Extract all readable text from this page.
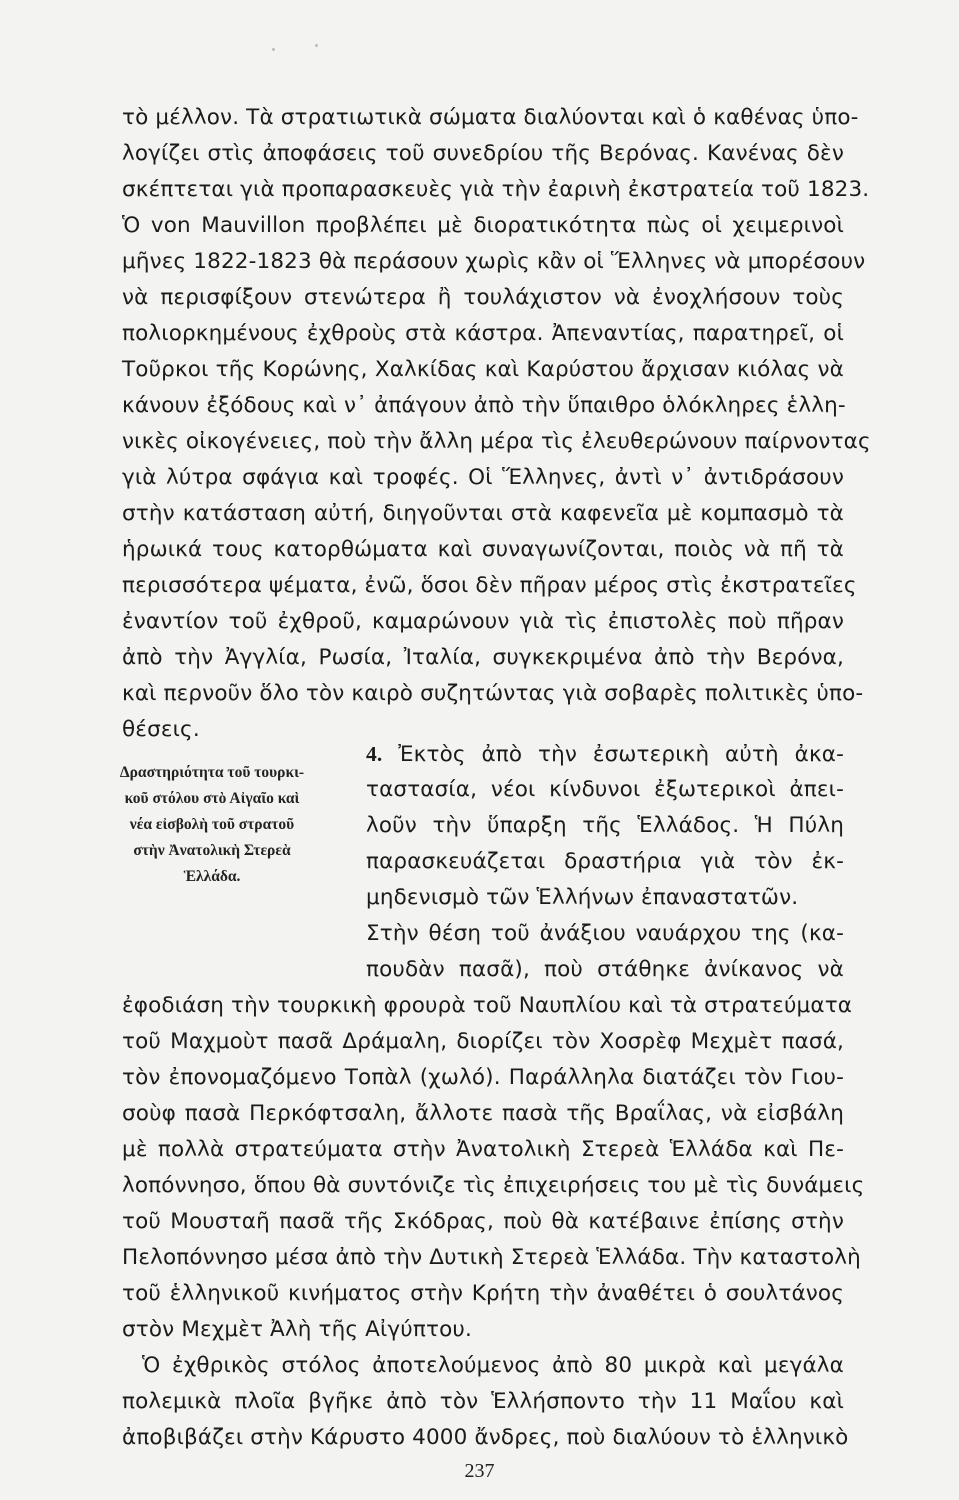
τὸ μέλλον. Τὰ στρατιωτικὰ σώματα διαλύονται καὶ ὁ καθένας ὑπο-
λογίζει στὶς ἀποφάσεις τοῦ συνεδρίου τῆς Βερόνας. Κανένας δὲν
σκέπτεται γιὰ προπαρασκευὲς γιὰ τὴν ἐαρινὴ ἐκστρατεία τοῦ 1823.
Ὁ von Mauvillon προβλέπει μὲ διορατικότητα πὼς οἱ χειμερινοὶ
μῆνες 1822-1823 θὰ περάσουν χωρὶς κἂν οἱ Ἕλληνες νὰ μπορέσουν
νὰ περισφίξουν στενώτερα ἢ τουλάχιστον νὰ ἐνοχλήσουν τοὺς
πολιορκημένους ἐχθροὺς στὰ κάστρα. Ἀπεναντίας, παρατηρεῖ, οἱ
Τοῦρκοι τῆς Κορώνης, Χαλκίδας καὶ Καρύστου ἄρχισαν κιόλας νὰ
κάνουν ἐξόδους καὶ ν᾽ ἀπάγουν ἀπὸ τὴν ὕπαιθρο ὁλόκληρες ἑλλη-
νικὲς οἰκογένειες, ποὺ τὴν ἄλλη μέρα τὶς ἐλευθερώνουν παίρνοντας
γιὰ λύτρα σφάγια καὶ τροφές. Οἱ Ἕλληνες, ἀντὶ ν᾽ ἀντιδράσουν
στὴν κατάσταση αὐτή, διηγοῦνται στὰ καφενεῖα μὲ κομπασμὸ τὰ
ἡρωικά τους κατορθώματα καὶ συναγωνίζονται, ποιὸς νὰ πῆ τὰ
περισσότερα ψέματα, ἐνῶ, ὅσοι δὲν πῆραν μέρος στὶς ἐκστρατεῖες
ἐναντίον τοῦ ἐχθροῦ, καμαρώνουν γιὰ τὶς ἐπιστολὲς ποὺ πῆραν
ἀπὸ τὴν Ἀγγλία, Ρωσία, Ἰταλία, συγκεκριμένα ἀπὸ τὴν Βερόνα,
καὶ περνοῦν ὅλο τὸν καιρὸ συζητώντας γιὰ σοβαρὲς πολιτικὲς ὑπο-
θέσεις.
Δραστηριότητα τοῦ τουρκι-
κοῦ στόλου στὸ Αἰγαῖο καὶ
νέα εἰσβολὴ τοῦ στρατοῦ
στὴν Ἀνατολικὴ Στερεὰ
Ἑλλάδα.
4. Ἐκτὸς ἀπὸ τὴν ἐσωτερικὴ αὐτὴ ἀκα-
ταστασία, νέοι κίνδυνοι ἐξωτερικοὶ ἀπει-
λοῦν τὴν ὕπαρξη τῆς Ἑλλάδος. Ἡ Πύλη
παρασκευάζεται δραστήρια γιὰ τὸν ἐκ-
μηδενισμὸ τῶν Ἑλλήνων ἐπαναστατῶν.
Στὴν θέση τοῦ ἀνάξιου ναυάρχου της (κα-
πουδὰν πασᾶ), ποὺ στάθηκε ἀνίκανος νὰ
ἐφοδιάση τὴν τουρκικὴ φρουρὰ τοῦ Ναυπλίου καὶ τὰ στρατεύματα
τοῦ Μαχμοὺτ πασᾶ Δράμαλη, διορίζει τὸν Χοσρὲφ Μεχμὲτ πασά,
τὸν ἐπονομαζόμενο Τοπὰλ (χωλό). Παράλληλα διατάζει τὸν Γιου-
σοὺφ πασὰ Περκόφτσαλη, ἄλλοτε πασὰ τῆς Βραΐλας, νὰ εἰσβάλη
μὲ πολλὰ στρατεύματα στὴν Ἀνατολικὴ Στερεὰ Ἑλλάδα καὶ Πε-
λοπόννησο, ὅπου θὰ συντόνιζε τὶς ἐπιχειρήσεις του μὲ τὶς δυνάμεις
τοῦ Μουσταῆ πασᾶ τῆς Σκόδρας, ποὺ θὰ κατέβαινε ἐπίσης στὴν
Πελοπόννησο μέσα ἀπὸ τὴν Δυτικὴ Στερεὰ Ἑλλάδα. Τὴν καταστολὴ
τοῦ ἑλληνικοῦ κινήματος στὴν Κρήτη τὴν ἀναθέτει ὁ σουλτάνος
στὸν Μεχμὲτ Ἀλὴ τῆς Αἰγύπτου.
Ὁ ἐχθρικὸς στόλος ἀποτελούμενος ἀπὸ 80 μικρὰ καὶ μεγάλα
πολεμικὰ πλοῖα βγῆκε ἀπὸ τὸν Ἑλλήσποντο τὴν 11 Μαΐου καὶ
ἀποβιβάζει στὴν Κάρυστο 4000 ἄνδρες, ποὺ διαλύουν τὸ ἑλληνικὸ
237
